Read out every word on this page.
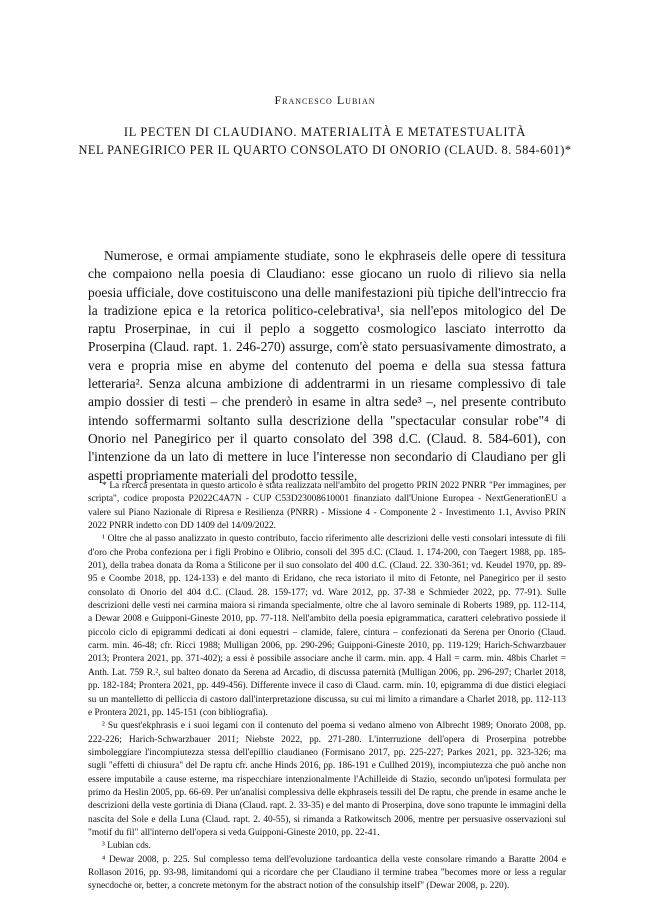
Francesco Lubian
IL PECTEN DI CLAUDIANO. MATERIALITÀ E METATESTUALITÀ
NEL PANEGIRICO PER IL QUARTO CONSOLATO DI ONORIO (CLAUD. 8. 584-601)*

Numerose, e ormai ampiamente studiate, sono le ekphraseis delle opere di tessitura che compaiono nella poesia di Claudiano: esse giocano un ruolo di rilievo sia nella poesia ufficiale, dove costituiscono una delle manifestazioni più tipiche dell'intreccio fra la tradizione epica e la retorica politico-celebrativa¹, sia nell'epos mitologico del De raptu Proserpinae, in cui il peplo a soggetto cosmologico lasciato interrotto da Proserpina (Claud. rapt. 1. 246-270) assurge, com'è stato persuasivamente dimostrato, a vera e propria mise en abyme del contenuto del poema e della sua stessa fattura letteraria². Senza alcuna ambizione di addentrarmi in un riesame complessivo di tale ampio dossier di testi – che prenderò in esame in altra sede³ –, nel presente contributo intendo soffermarmi soltanto sulla descrizione della "spectacular consular robe"⁴ di Onorio nel Panegirico per il quarto consolato del 398 d.C. (Claud. 8. 584-601), con l'intenzione da un lato di mettere in luce l'interesse non secondario di Claudiano per gli aspetti propriamente materiali del prodotto tessile,

* La ricerca presentata in questo articolo è stata realizzata nell'ambito del progetto PRIN 2022 PNRR "Per immagines, per scripta", codice proposta P2022C4A7N - CUP C53D23008610001 finanziato dall'Unione Europea - NextGenerationEU a valere sul Piano Nazionale di Ripresa e Resilienza (PNRR) - Missione 4 - Componente 2 - Investimento 1.1, Avviso PRIN 2022 PNRR indetto con DD 1409 del 14/09/2022.

¹ Oltre che al passo analizzato in questo contributo, faccio riferimento alle descrizioni delle vesti consolari intessute di fili d'oro che Proba confeziona per i figli Probino e Olibrio, consoli del 395 d.C. (Claud. 1. 174-200, con Taegert 1988, pp. 185-201), della trabea donata da Roma a Stilicone per il suo consolato del 400 d.C. (Claud. 22. 330-361; vd. Keudel 1970, pp. 89-95 e Coombe 2018, pp. 124-133) e del manto di Eridano, che reca istoriato il mito di Fetonte, nel Panegirico per il sesto consolato di Onorio del 404 d.C. (Claud. 28. 159-177; vd. Ware 2012, pp. 37-38 e Schmieder 2022, pp. 77-91). Sulle descrizioni delle vesti nei carmina maiora si rimanda specialmente, oltre che al lavoro seminale di Roberts 1989, pp. 112-114, a Dewar 2008 e Guipponi-Gineste 2010, pp. 77-118. Nell'ambito della poesia epigrammatica, caratteri celebrativo possiede il piccolo ciclo di epigrammi dedicati ai doni equestri – clamide, falere, cintura – confezionati da Serena per Onorio (Claud. carm. min. 46-48; cfr. Ricci 1988; Mulligan 2006, pp. 290-296; Guipponi-Gineste 2010, pp. 119-129; Harich-Schwarzbauer 2013; Prontera 2021, pp. 371-402); a essi è possibile associare anche il carm. min. app. 4 Hall = carm. min. 48bis Charlet = Anth. Lat. 759 R.², sul balteo donato da Serena ad Arcadio, di discussa paternità (Mulligan 2006, pp. 296-297; Charlet 2018, pp. 182-184; Prontera 2021, pp. 449-456). Differente invece il caso di Claud. carm. min. 10, epigramma di due distici elegiaci su un mantelletto di pelliccia di castoro dall'interpretazione discussa, su cui mi limito a rimandare a Charlet 2018, pp. 112-113 e Prontera 2021, pp. 145-151 (con bibliografia).

² Su quest'ekphrasis e i suoi legami con il contenuto del poema si vedano almeno von Albrecht 1989; Onorato 2008, pp. 222-226; Harich-Schwarzbauer 2011; Niebste 2022, pp. 271-280. L'interruzione dell'opera di Proserpina potrebbe simboleggiare l'incompiutezza stessa dell'epillio claudianeo (Formisano 2017, pp. 225-227; Parkes 2021, pp. 323-326; ma sugli "effetti di chiusura" del De raptu cfr. anche Hinds 2016, pp. 186-191 e Cullhed 2019), incompiutezza che può anche non essere imputabile a cause esterne, ma rispecchiare intenzionalmente l'Achilleide di Stazio, secondo un'ipotesi formulata per primo da Heslin 2005, pp. 66-69. Per un'analisi complessiva delle ekphraseis tessili del De raptu, che prende in esame anche le descrizioni della veste gortinia di Diana (Claud. rapt. 2. 33-35) e del manto di Proserpina, dove sono trapunte le immagini della nascita del Sole e della Luna (Claud. rapt. 2. 40-55), si rimanda a Ratkowitsch 2006, mentre per persuasive osservazioni sul "motif du fil" all'interno dell'opera si veda Guipponi-Gineste 2010, pp. 22-41.

³ Lubian cds.

⁴ Dewar 2008, p. 225. Sul complesso tema dell'evoluzione tardoantica della veste consolare rimando a Baratte 2004 e Rollason 2016, pp. 93-98, limitandomi qui a ricordare che per Claudiano il termine trabea "becomes more or less a regular synecdoche or, better, a concrete metonym for the abstract notion of the consulship itself" (Dewar 2008, p. 220).
